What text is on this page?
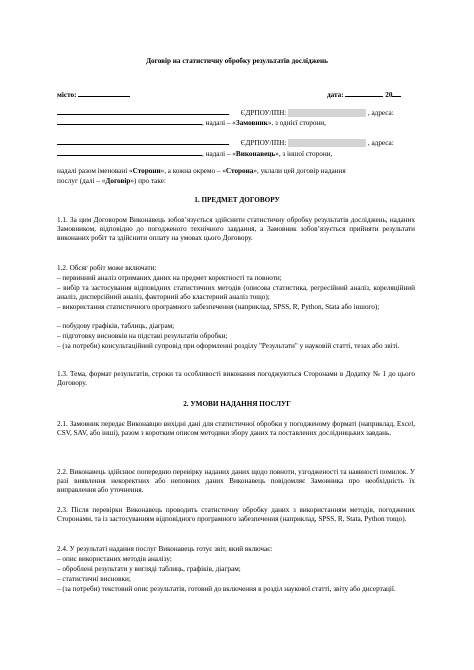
Договір на статистичну обробку результатів досліджень
місто:	дата:	20
ЄДРПОУ/ІПН:	, адреса:
, надалі – «Замовник», з однієї сторони,
ЄДРПОУ/ІПН:	, адреса:
, надалі – «Виконавець», з іншої сторони,
надалі разом іменовані «Сторони», а кожна окремо – «Сторона», уклали цей договір надання
послуг (далі – «Договір») про таке:
1. ПРЕДМЕТ ДОГОВОРУ
1.1. За цим Договором Виконавець зобов’язується здійснити статистичну обробку результатів досліджень, наданих Замовником, відповідно до погодженого технічного завдання, а Замовник зобов’язується прийняти результати виконаних робіт та здійснити оплату на умовах цього Договору.
1.2. Обсяг робіт може включати:
– первинний аналіз отриманих даних на предмет коректності та повноти;
– вибір та застосування відповідних статистичних методів (описова статистика, регресійний аналіз, кореляційний аналіз, дисперсійний аналіз, факторний або кластерний аналіз тощо);
– використання статистичного програмного забезпечення (наприклад, SPSS, R, Python, Stata або іншого);
– побудову графіків, таблиць, діаграм;
– підготовку висновків на підставі результатів обробки;
– (за потреби) консультаційний супровід при оформленні розділу "Результати" у науковій статті, тезах або звіті.
1.3. Тема, формат результатів, строки та особливості виконання погоджуються Сторонами в Додатку № 1 до цього Договору.
2. УМОВИ НАДАННЯ ПОСЛУГ
2.1. Замовник передає Виконавцю вихідні дані для статистичної обробки у погодженому форматі (наприклад, Excel, CSV, SAV, або інші), разом з коротким описом методики збору даних та поставлених дослідницьких завдань.
2.2. Виконавець здійснює попередню перевірку наданих даних щодо повноти, узгодженості та наявності помилок. У разі виявлення некоректних або неповних даних Виконавець повідомляє Замовника про необхідність їх виправлення або уточнення.
2.3. Після перевірки Виконавець проводить статистичну обробку даних з використанням методів, погоджених Сторонами, та із застосуванням відповідного програмного забезпечення (наприклад, SPSS, R, Stata, Python тощо).
2.4. У результаті надання послуг Виконавець готує звіт, який включає:
– опис використаних методів аналізу;
– оброблені результати у вигляді таблиць, графіків, діаграм;
– статистичні висновки;
– (за потреби) текстовий опис результатів, готовий до включення в розділ наукової статті, звіту або дисертації.
